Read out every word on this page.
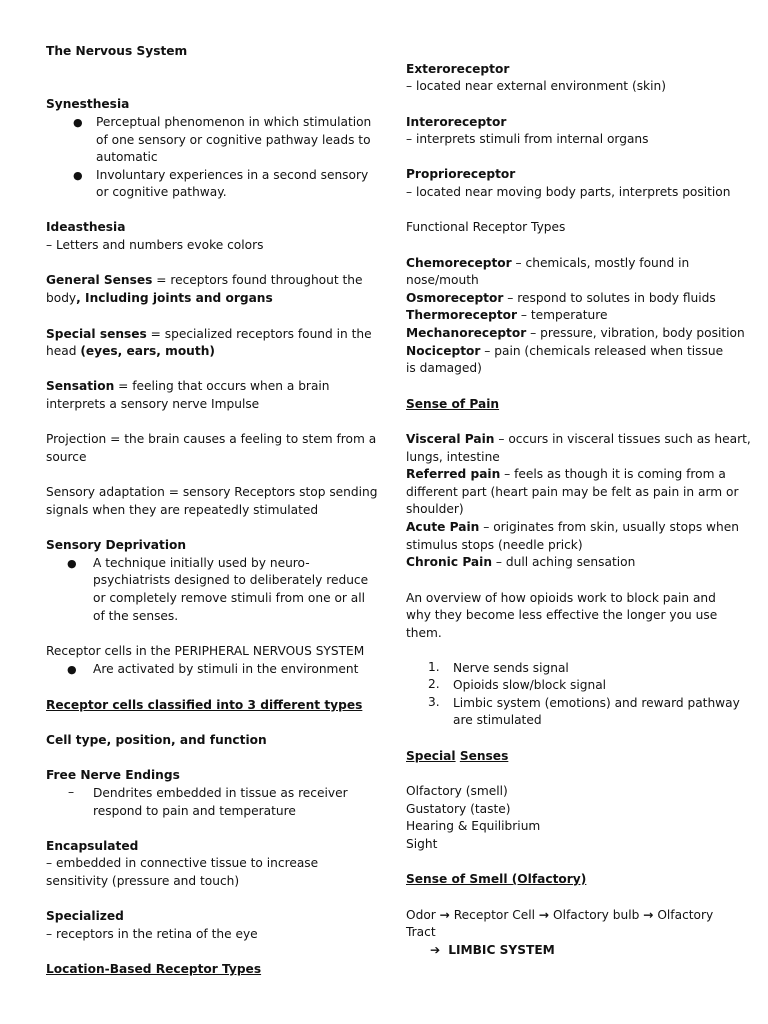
The Nervous System
Synesthesia
● Perceptual phenomenon in which stimulation
of one sensory or cognitive pathway leads to
automatic
● Involuntary experiences in a second sensory
or cognitive pathway.
Ideasthesia
– Letters and numbers evoke colors
General Senses = receptors found throughout the
body, Including joints and organs
Special senses = specialized receptors found in the
head (eyes, ears, mouth)
Sensation = feeling that occurs when a brain
interprets a sensory nerve Impulse
Projection = the brain causes a feeling to stem from a
source
Sensory adaptation = sensory Receptors stop sending
signals when they are repeatedly stimulated
Sensory Deprivation
● A technique initially used by neuro-
psychiatrists designed to deliberately reduce
or completely remove stimuli from one or all
of the senses.
Receptor cells in the PERIPHERAL NERVOUS SYSTEM
● Are activated by stimuli in the environment
Receptor cells classified into 3 different types
Cell type, position, and function
Free Nerve Endings
– Dendrites embedded in tissue as receiver
respond to pain and temperature
Encapsulated
– embedded in connective tissue to increase
sensitivity (pressure and touch)
Specialized
– receptors in the retina of the eye
Location-Based Receptor Types
Exteroreceptor
– located near external environment (skin)
Interoreceptor
– interprets stimuli from internal organs
Proprioreceptor
– located near moving body parts, interprets position
Functional Receptor Types
Chemoreceptor – chemicals, mostly found in
nose/mouth
Osmoreceptor – respond to solutes in body fluids
Thermoreceptor – temperature
Mechanoreceptor – pressure, vibration, body position
Nociceptor – pain (chemicals released when tissue
is damaged)
Sense of Pain
Visceral Pain – occurs in visceral tissues such as heart,
lungs, intestine
Referred pain – feels as though it is coming from a
different part (heart pain may be felt as pain in arm or
shoulder)
Acute Pain – originates from skin, usually stops when
stimulus stops (needle prick)
Chronic Pain – dull aching sensation
An overview of how opioids work to block pain and
why they become less effective the longer you use
them.
1. Nerve sends signal
2. Opioids slow/block signal
3. Limbic system (emotions) and reward pathway
are stimulated
Special Senses
Olfactory (smell)
Gustatory (taste)
Hearing & Equilibrium
Sight
Sense of Smell (Olfactory)
Odor → Receptor Cell → Olfactory bulb → Olfactory
Tract
➔ LIMBIC SYSTEM
